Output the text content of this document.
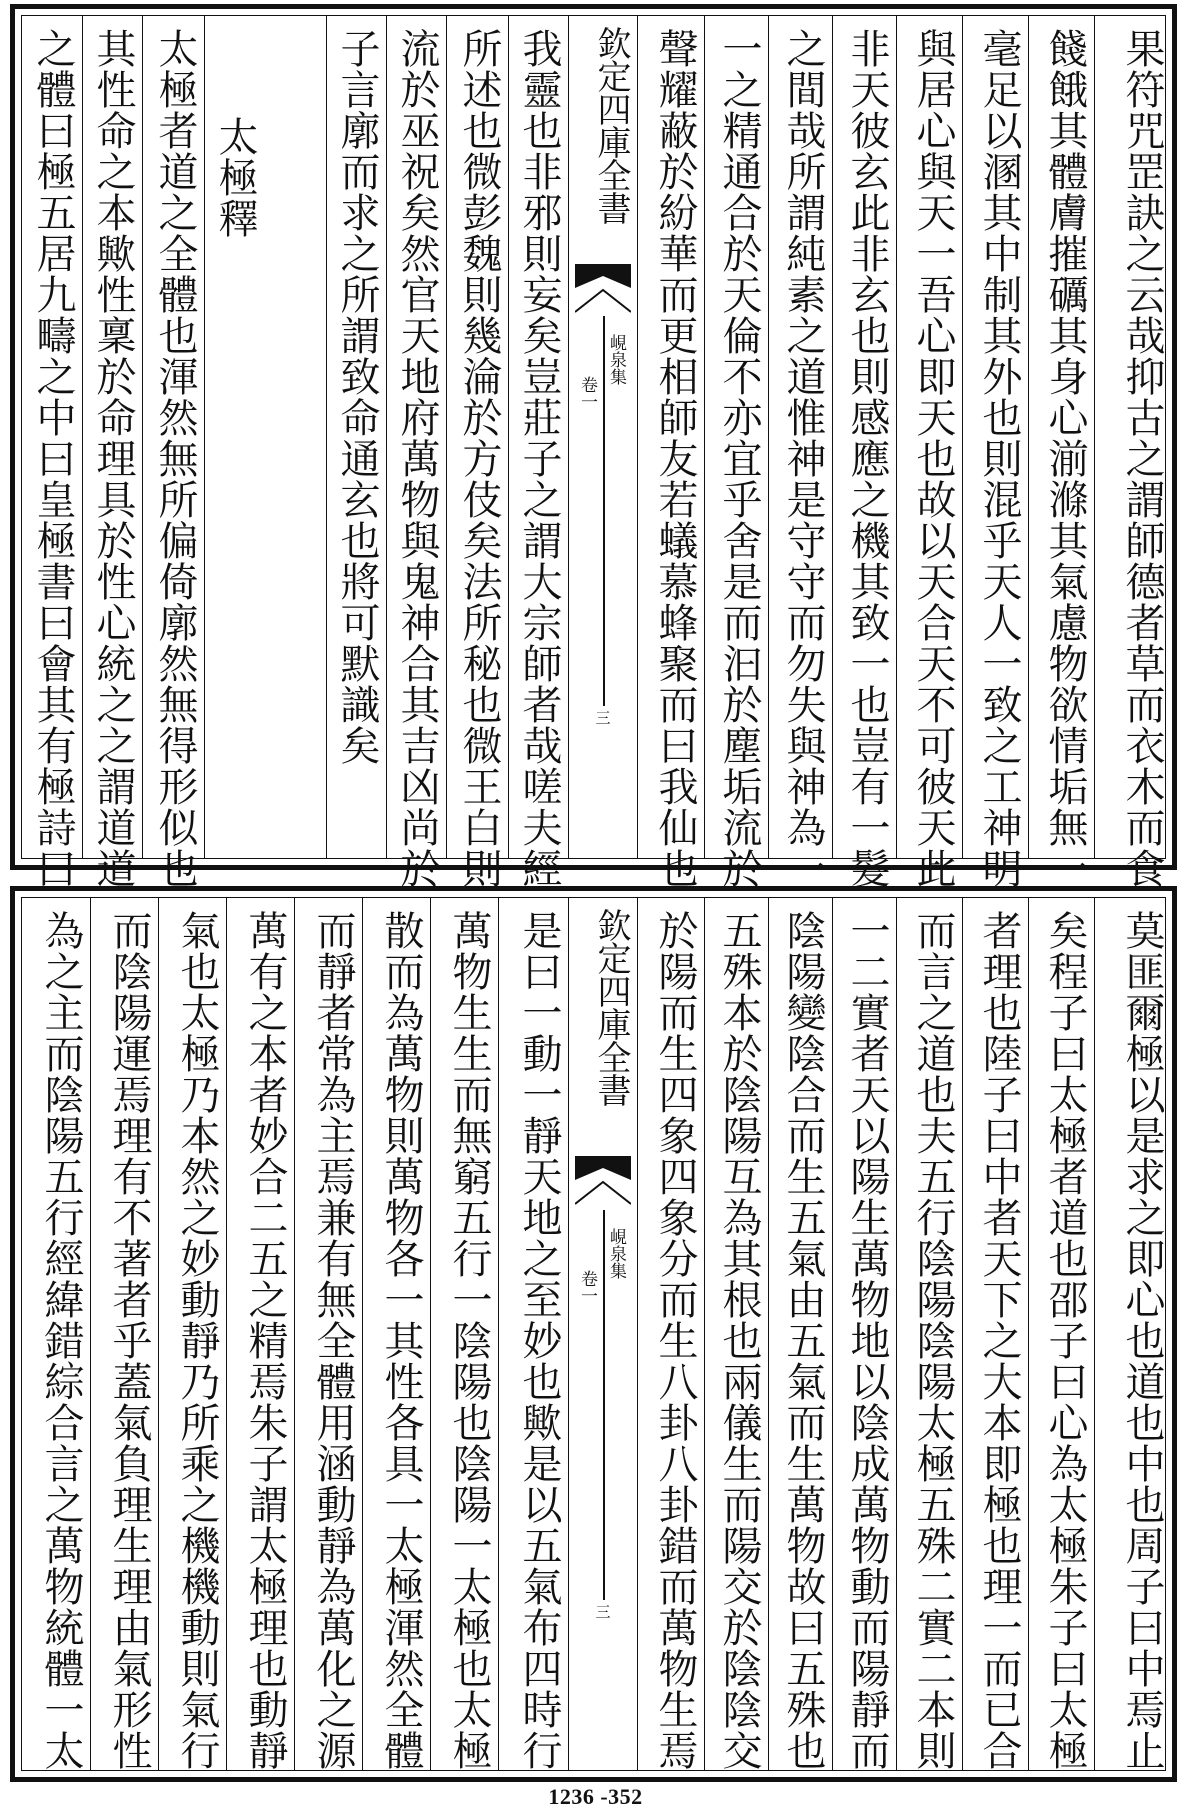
之體曰極五居九疇之中曰皇極書曰會其有極詩曰 其性命之本歟性稟於命理具於性心統之之謂道道 太極者道之全體也渾然無所偏倚廓然無得形似也 太極釋 子言廓而求之所謂致命通玄也將可默識矣 流於巫祝矣然官天地府萬物與鬼神合其吉凶尚於 所述也微彭魏則幾淪於方伎矣法所秘也微王白則 我靈也非邪則妄矣豈莊子之謂大宗師者哉嗟夫經 欽定四庫全書
峴泉集
卷一
三	聲耀蔽於紛華而更相師友若蟻慕蜂聚而曰我仙也 一之精通合於天倫不亦宜乎舍是而汩於塵垢流於 之間哉所謂純素之道惟神是守守而勿失與神為一 非天彼玄此非玄也則感應之機其致一也豈有一髮 與居心與天一吾心即天也故以天合天不可彼天此 毫足以溷其中制其外也則混乎天人一致之工神明 餞餓其體膚摧礪其身心湔滌其氣慮物欲情垢無一 果符咒罡訣之云哉抑古之謂師德者草而衣木而食
為之主而陰陽五行經緯錯綜合言之萬物統體一太 而陰陽運焉理有不著者乎蓋氣負理生理由氣形性 氣也太極乃本然之妙動靜乃所乘之機機動則氣行 萬有之本者妙合二五之精焉朱子謂太極理也動靜 而靜者常為主焉兼有無全體用涵動靜為萬化之源 散而為萬物則萬物各一其性各具一太極渾然全體 萬物生生而無窮五行一陰陽也陰陽一太極也太極 是曰一動一靜天地之至妙也歟是以五氣布四時行 欽定四庫全書
峴泉集
卷一
三	於陽而生四象四象分而生八卦八卦錯而萬物生焉 五殊本於陰陽互為其根也兩儀生而陽交於陰陰交 陰陽變陰合而生五氣由五氣而生萬物故曰五殊也 一二實者天以陽生萬物地以陰成萬物動而陽靜而 而言之道也夫五行陰陽陰陽太極五殊二實二本則 者理也陸子曰中者天下之大本即極也理一而已合 矣程子曰太極者道也邵子曰心為太極朱子曰太極 莫匪爾極以是求之即心也道也中也周子曰中焉止
1236 -352
